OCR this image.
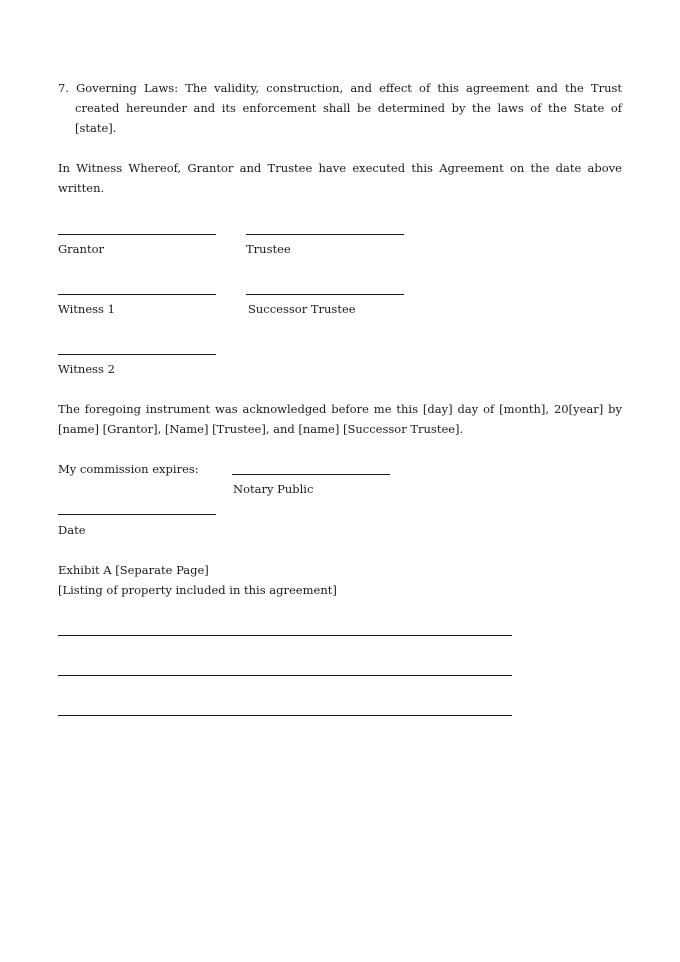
7. Governing Laws: The validity, construction, and effect of this agreement and the Trust created hereunder and its enforcement shall be determined by the laws of the State of [state].
In Witness Whereof, Grantor and Trustee have executed this Agreement on the date above written.
Grantor	Trustee
Witness 1	Successor Trustee
Witness 2
The foregoing instrument was acknowledged before me this [day] day of [month], 20[year] by [name] [Grantor], [Name] [Trustee], and [name] [Successor Trustee].
My commission expires:
Notary Public
Date
Exhibit A [Separate Page]
[Listing of property included in this agreement]
